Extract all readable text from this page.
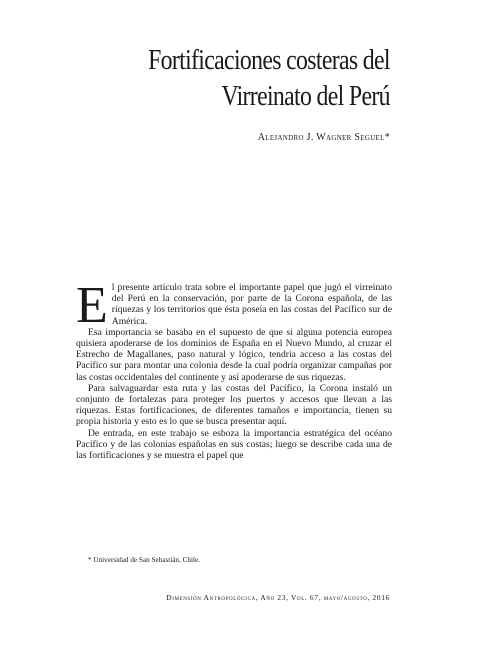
Fortificaciones costeras del
Virreinato del Perú

Alejandro J. Wagner Seguel*

El presente artículo trata sobre el importante papel que jugó el virreinato del Perú en la conservación, por parte de la Corona española, de las riquezas y los territorios que ésta poseía en las costas del Pacífico sur de América.

Esa importancia se basaba en el supuesto de que si alguna potencia europea quisiera apoderarse de los dominios de España en el Nuevo Mundo, al cruzar el Estrecho de Magallanes, paso natural y lógico, tendría acceso a las costas del Pacífico sur para montar una colonia desde la cual podría organizar campañas por las costas occidentales del continente y así apoderarse de sus riquezas.

Para salvaguardar esta ruta y las costas del Pacífico, la Corona instaló un conjunto de fortalezas para proteger los puertos y accesos que llevan a las riquezas. Estas fortificaciones, de diferentes tamaños e importancia, tienen su propia historia y esto es lo que se busca presentar aquí.

De entrada, en este trabajo se esboza la importancia estratégica del océano Pacífico y de las colonias españolas en sus costas; luego se describe cada una de las fortificaciones y se muestra el papel que

* Universidad de San Sebastián, Chile.

Dimensión Antropológica, Año 23, Vol. 67, mayo/agosto, 2016
